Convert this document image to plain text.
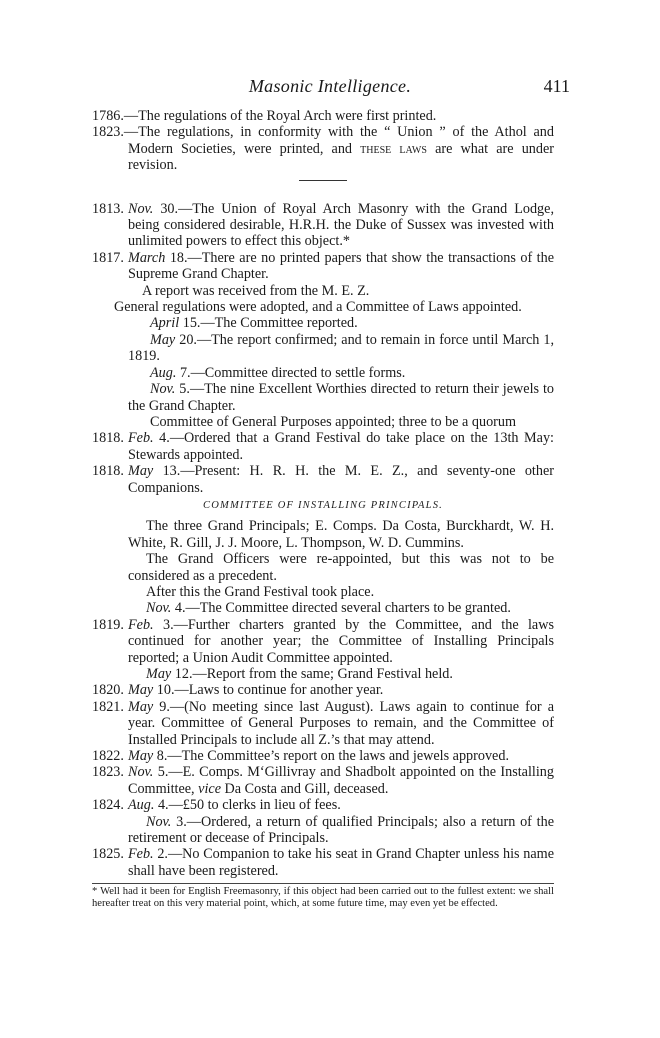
Masonic Intelligence.	411

1786.—The regulations of the Royal Arch were first printed.

1823.—The regulations, in conformity with the “ Union ” of the Athol and Modern Societies, were printed, and these laws are what are under revision.

1813. Nov. 30.—The Union of Royal Arch Masonry with the Grand Lodge, being considered desirable, H.R.H. the Duke of Sussex was invested with unlimited powers to effect this object.*

1817. March 18.—There are no printed papers that show the transactions of the Supreme Grand Chapter.

A report was received from the M. E. Z.

General regulations were adopted, and a Committee of Laws appointed.

April 15.—The Committee reported.

May 20.—The report confirmed; and to remain in force until March 1, 1819.

Aug. 7.—Committee directed to settle forms.

Nov. 5.—The nine Excellent Worthies directed to return their jewels to the Grand Chapter.

Committee of General Purposes appointed; three to be a quorum

1818. Feb. 4.—Ordered that a Grand Festival do take place on the 13th May: Stewards appointed.

1818. May 13.—Present: H. R. H. the M. E. Z., and seventy-one other Companions.

COMMITTEE OF INSTALLING PRINCIPALS.

The three Grand Principals; E. Comps. Da Costa, Burckhardt, W. H. White, R. Gill, J. J. Moore, L. Thompson, W. D. Cummins.

The Grand Officers were re-appointed, but this was not to be considered as a precedent.

After this the Grand Festival took place.

Nov. 4.—The Committee directed several charters to be granted.

1819. Feb. 3.—Further charters granted by the Committee, and the laws continued for another year; the Committee of Installing Principals reported; a Union Audit Committee appointed.

May 12.—Report from the same; Grand Festival held.

1820. May 10.—Laws to continue for another year.

1821. May 9.—(No meeting since last August). Laws again to continue for a year. Committee of General Purposes to remain, and the Committee of Installed Principals to include all Z.’s that may attend.

1822. May 8.—The Committee’s report on the laws and jewels approved.

1823. Nov. 5.—E. Comps. M‘Gillivray and Shadbolt appointed on the Installing Committee, vice Da Costa and Gill, deceased.

1824. Aug. 4.—£50 to clerks in lieu of fees.

Nov. 3.—Ordered, a return of qualified Principals; also a return of the retirement or decease of Principals.

1825. Feb. 2.—No Companion to take his seat in Grand Chapter unless his name shall have been registered.

* Well had it been for English Freemasonry, if this object had been carried out to the fullest extent: we shall hereafter treat on this very material point, which, at some future time, may even yet be effected.
